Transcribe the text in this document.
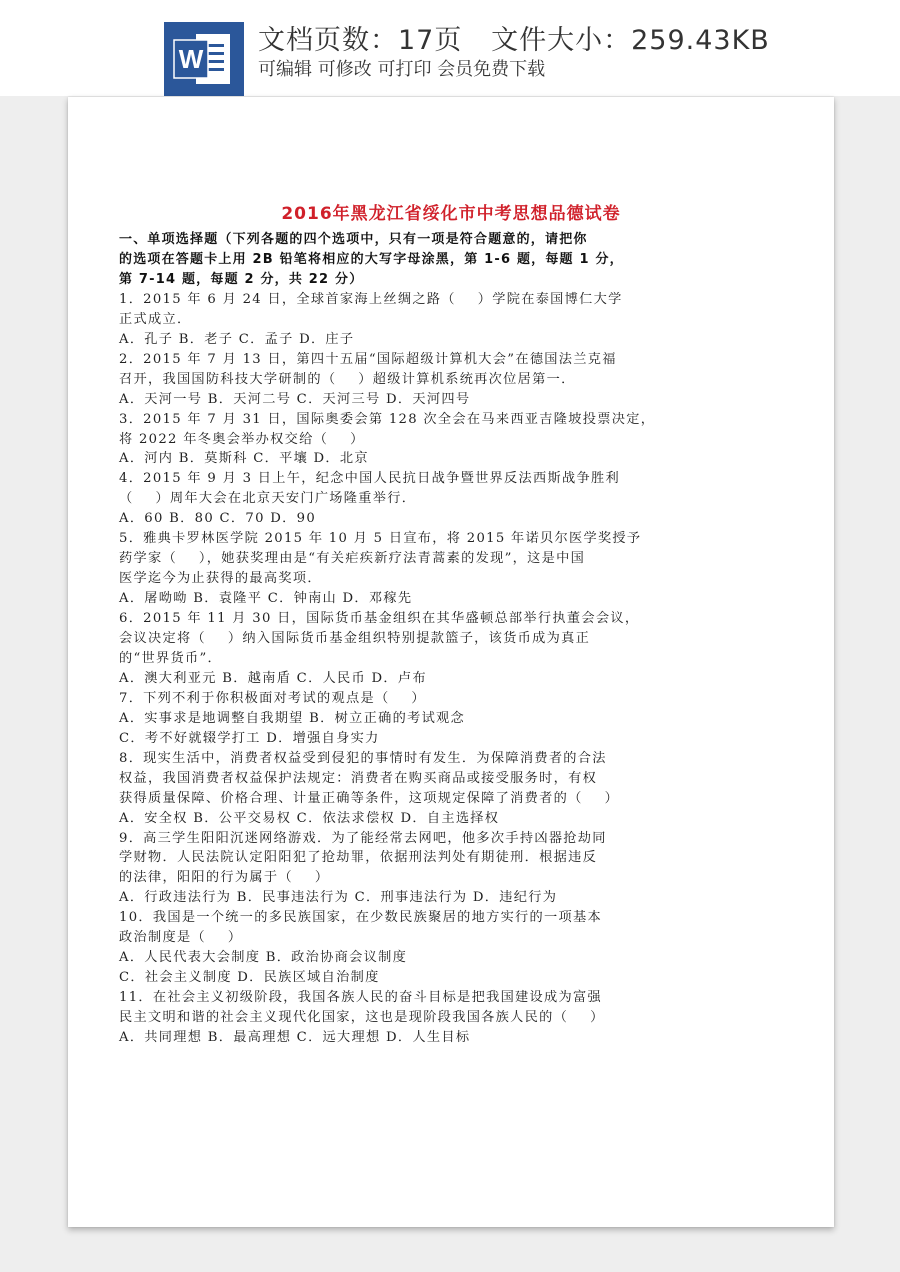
W
文档页数：17页   文件大小：259.43KB
可编辑 可修改 可打印 会员免费下载
2016年黑龙江省绥化市中考思想品德试卷
一、单项选择题（下列各题的四个选项中，只有一项是符合题意的，请把你
的选项在答题卡上用 2B 铅笔将相应的大写字母涂黑，第 1-6 题，每题 1 分，
第 7-14 题，每题 2 分，共 22 分）
1．2015 年 6 月 24 日，全球首家海上丝绸之路（    ）学院在泰国博仁大学
正式成立．
A．孔子 B．老子 C．孟子 D．庄子
2．2015 年 7 月 13 日，第四十五届“国际超级计算机大会”在德国法兰克福
召开，我国国防科技大学研制的（    ）超级计算机系统再次位居第一．
A．天河一号 B．天河二号 C．天河三号 D．天河四号
3．2015 年 7 月 31 日，国际奥委会第 128 次全会在马来西亚吉隆坡投票决定，
将 2022 年冬奥会举办权交给（    ）
A．河内 B．莫斯科 C．平壤 D．北京
4．2015 年 9 月 3 日上午，纪念中国人民抗日战争暨世界反法西斯战争胜利
（    ）周年大会在北京天安门广场隆重举行．
A．60 B．80 C．70 D．90
5．雅典卡罗林医学院 2015 年 10 月 5 日宣布，将 2015 年诺贝尔医学奖授予
药学家（    ），她获奖理由是“有关疟疾新疗法青蒿素的发现”，这是中国
医学迄今为止获得的最高奖项．
A．屠呦呦 B．袁隆平 C．钟南山 D．邓稼先
6．2015 年 11 月 30 日，国际货币基金组织在其华盛顿总部举行执董会会议，
会议决定将（    ）纳入国际货币基金组织特别提款篮子，该货币成为真正
的“世界货币”．
A．澳大利亚元 B．越南盾 C．人民币 D．卢布
7．下列不利于你积极面对考试的观点是（    ）
A．实事求是地调整自我期望 B．树立正确的考试观念
C．考不好就辍学打工 D．增强自身实力
8．现实生活中，消费者权益受到侵犯的事情时有发生．为保障消费者的合法
权益，我国消费者权益保护法规定：消费者在购买商品或接受服务时，有权
获得质量保障、价格合理、计量正确等条件，这项规定保障了消费者的（    ）
A．安全权 B．公平交易权 C．依法求偿权 D．自主选择权
9．高三学生阳阳沉迷网络游戏．为了能经常去网吧，他多次手持凶器抢劫同
学财物．人民法院认定阳阳犯了抢劫罪，依据刑法判处有期徒刑．根据违反
的法律，阳阳的行为属于（    ）
A．行政违法行为 B．民事违法行为 C．刑事违法行为 D．违纪行为
10．我国是一个统一的多民族国家，在少数民族聚居的地方实行的一项基本
政治制度是（    ）
A．人民代表大会制度 B．政治协商会议制度
C．社会主义制度 D．民族区域自治制度
11．在社会主义初级阶段，我国各族人民的奋斗目标是把我国建设成为富强
民主文明和谐的社会主义现代化国家，这也是现阶段我国各族人民的（    ）
A．共同理想 B．最高理想 C．远大理想 D．人生目标
